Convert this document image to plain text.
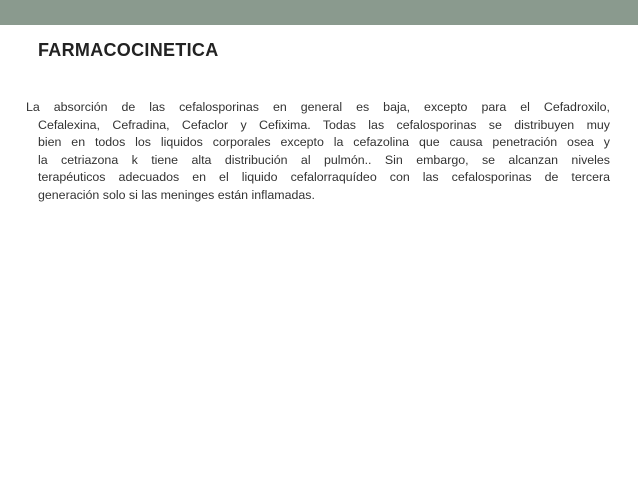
FARMACOCINETICA

La absorción de las cefalosporinas en general es baja, excepto para el Cefadroxilo,
Cefalexina, Cefradina, Cefaclor y Cefixima. Todas las cefalosporinas se distribuyen muy
bien en todos los liquidos corporales excepto la cefazolina que causa penetración osea y
la cetriazona k tiene alta distribución al pulmón.. Sin embargo, se alcanzan niveles
terapéuticos adecuados en el liquido cefalorraquídeo con las cefalosporinas de tercera
generación solo si las meninges están inflamadas.
